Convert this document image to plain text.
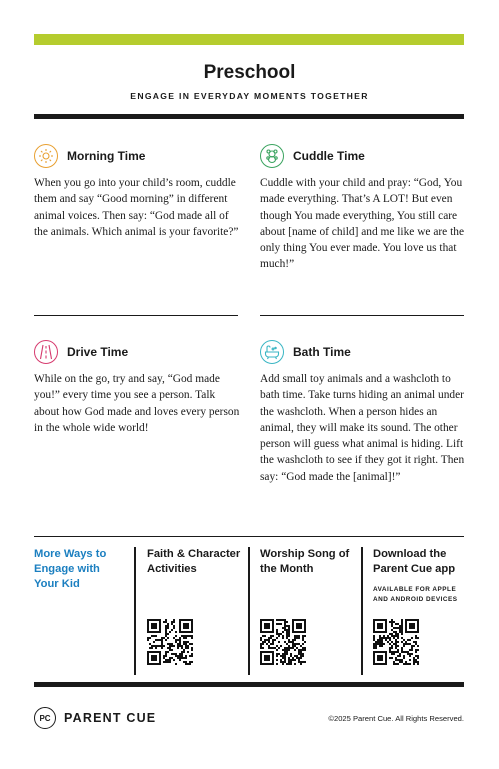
Preschool
ENGAGE IN EVERYDAY MOMENTS TOGETHER
Morning Time
When you go into your child’s room, cuddle them and say “Good morning” in different animal voices. Then say: “God made all of the animals. Which animal is your favorite?”
Cuddle Time
Cuddle with your child and pray: “God, You made everything. That’s A LOT! But even though You made everything, You still care about [name of child] and me like we are the only thing You ever made. You love us that much!”
Drive Time
While on the go, try and say, “God made you!” every time you see a person. Talk about how God made and loves every person in the whole wide world!
Bath Time
Add small toy animals and a washcloth to bath time. Take turns hiding an animal under the washcloth. When a person hides an animal, they will make its sound. The other person will guess what animal is hiding. Lift the washcloth to see if they got it right. Then say: “God made the [animal]!”
More Ways to Engage with Your Kid
Faith & Character Activities
Worship Song of the Month
Download the Parent Cue app
AVAILABLE FOR APPLE AND ANDROID DEVICES
PC	PARENT CUE	©2025 Parent Cue. All Rights Reserved.
